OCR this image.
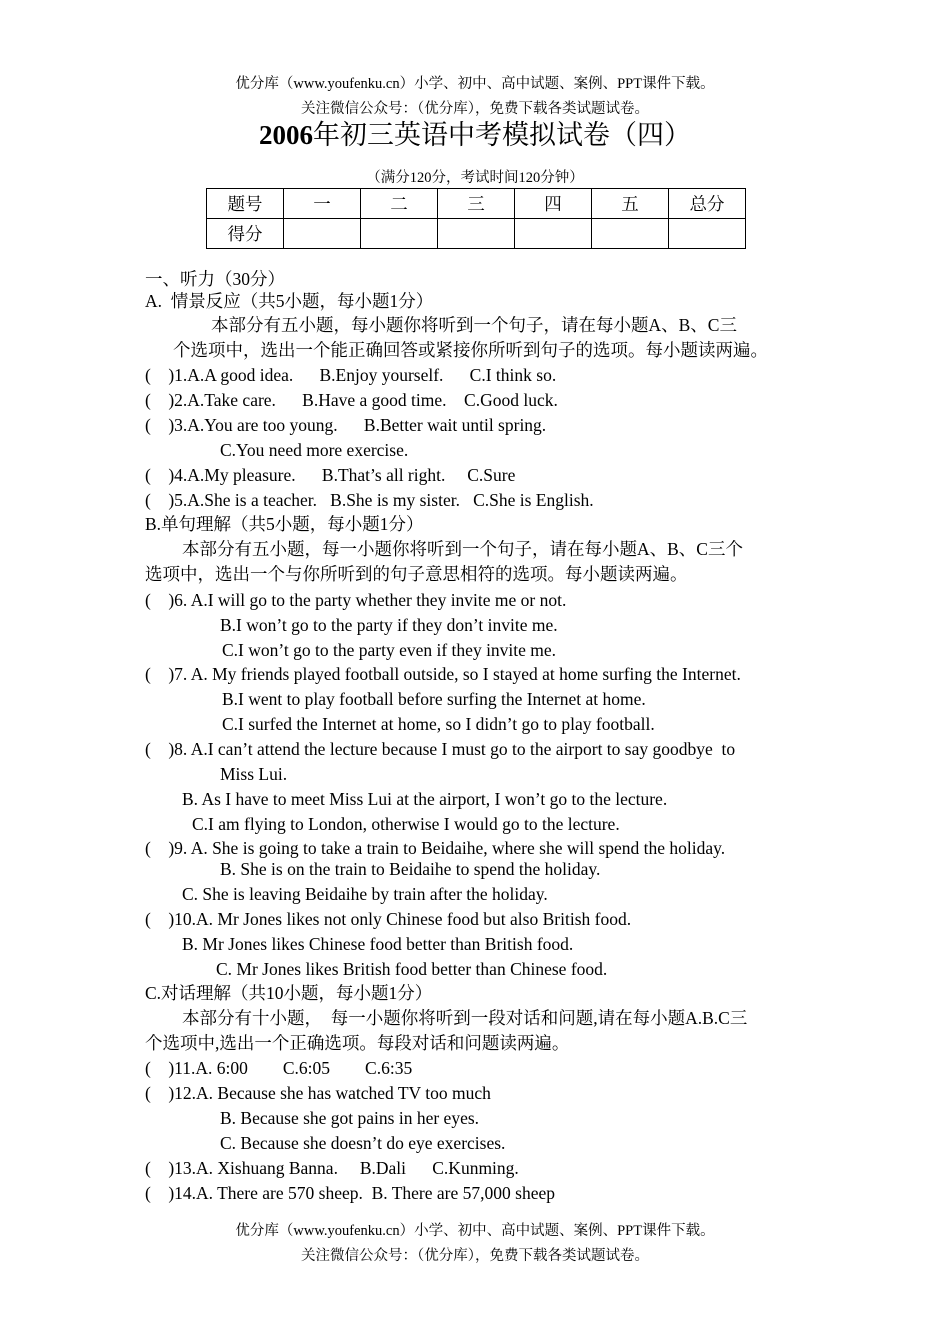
优分库（www.youfenku.cn）小学、初中、高中试题、案例、PPT课件下载。
关注微信公众号：（优分库），免费下载各类试题试卷。
2006年初三英语中考模拟试卷（四）
（满分120分，考试时间120分钟）
题号	一	二	三	四	五	总分
得分						
一、听力（30分）
A.  情景反应（共5小题，每小题1分）
本部分有五小题，每小题你将听到一个句子，请在每小题A、B、C三
个选项中，选出一个能正确回答或紧接你所听到句子的选项。每小题读两遍。
(    )1.A.A good idea.      B.Enjoy yourself.      C.I think so.
(    )2.A.Take care.      B.Have a good time.    C.Good luck.
(    )3.A.You are too young.      B.Better wait until spring.
C.You need more exercise.
(    )4.A.My pleasure.      B.That’s all right.     C.Sure
(    )5.A.She is a teacher.   B.She is my sister.   C.She is English.
B.单句理解（共5小题，每小题1分）
本部分有五小题，每一小题你将听到一个句子，请在每小题A、B、C三个
选项中，选出一个与你所听到的句子意思相符的选项。每小题读两遍。
(    )6. A.I will go to the party whether they invite me or not.
B.I won’t go to the party if they don’t invite me.
C.I won’t go to the party even if they invite me.
(    )7. A. My friends played football outside, so I stayed at home surfing the Internet.
B.I went to play football before surfing the Internet at home.
C.I surfed the Internet at home, so I didn’t go to play football.
(    )8. A.I can’t attend the lecture because I must go to the airport to say goodbye  to
Miss Lui.
B. As I have to meet Miss Lui at the airport, I won’t go to the lecture.
C.I am flying to London, otherwise I would go to the lecture.
(    )9. A. She is going to take a train to Beidaihe, where she will spend the holiday.
B. She is on the train to Beidaihe to spend the holiday.
C. She is leaving Beidaihe by train after the holiday.
(    )10.A. Mr Jones likes not only Chinese food but also British food.
B. Mr Jones likes Chinese food better than British food.
C. Mr Jones likes British food better than Chinese food.
C.对话理解（共10小题，每小题1分）
本部分有十小题，  每一小题你将听到一段对话和问题,请在每小题A.B.C三
个选项中,选出一个正确选项。每段对话和问题读两遍。
(    )11.A. 6:00        C.6:05        C.6:35
(    )12.A. Because she has watched TV too much
B. Because she got pains in her eyes.
C. Because she doesn’t do eye exercises.
(    )13.A. Xishuang Banna.     B.Dali      C.Kunming.
(    )14.A. There are 570 sheep.  B. There are 57,000 sheep
优分库（www.youfenku.cn）小学、初中、高中试题、案例、PPT课件下载。
关注微信公众号：（优分库），免费下载各类试题试卷。
